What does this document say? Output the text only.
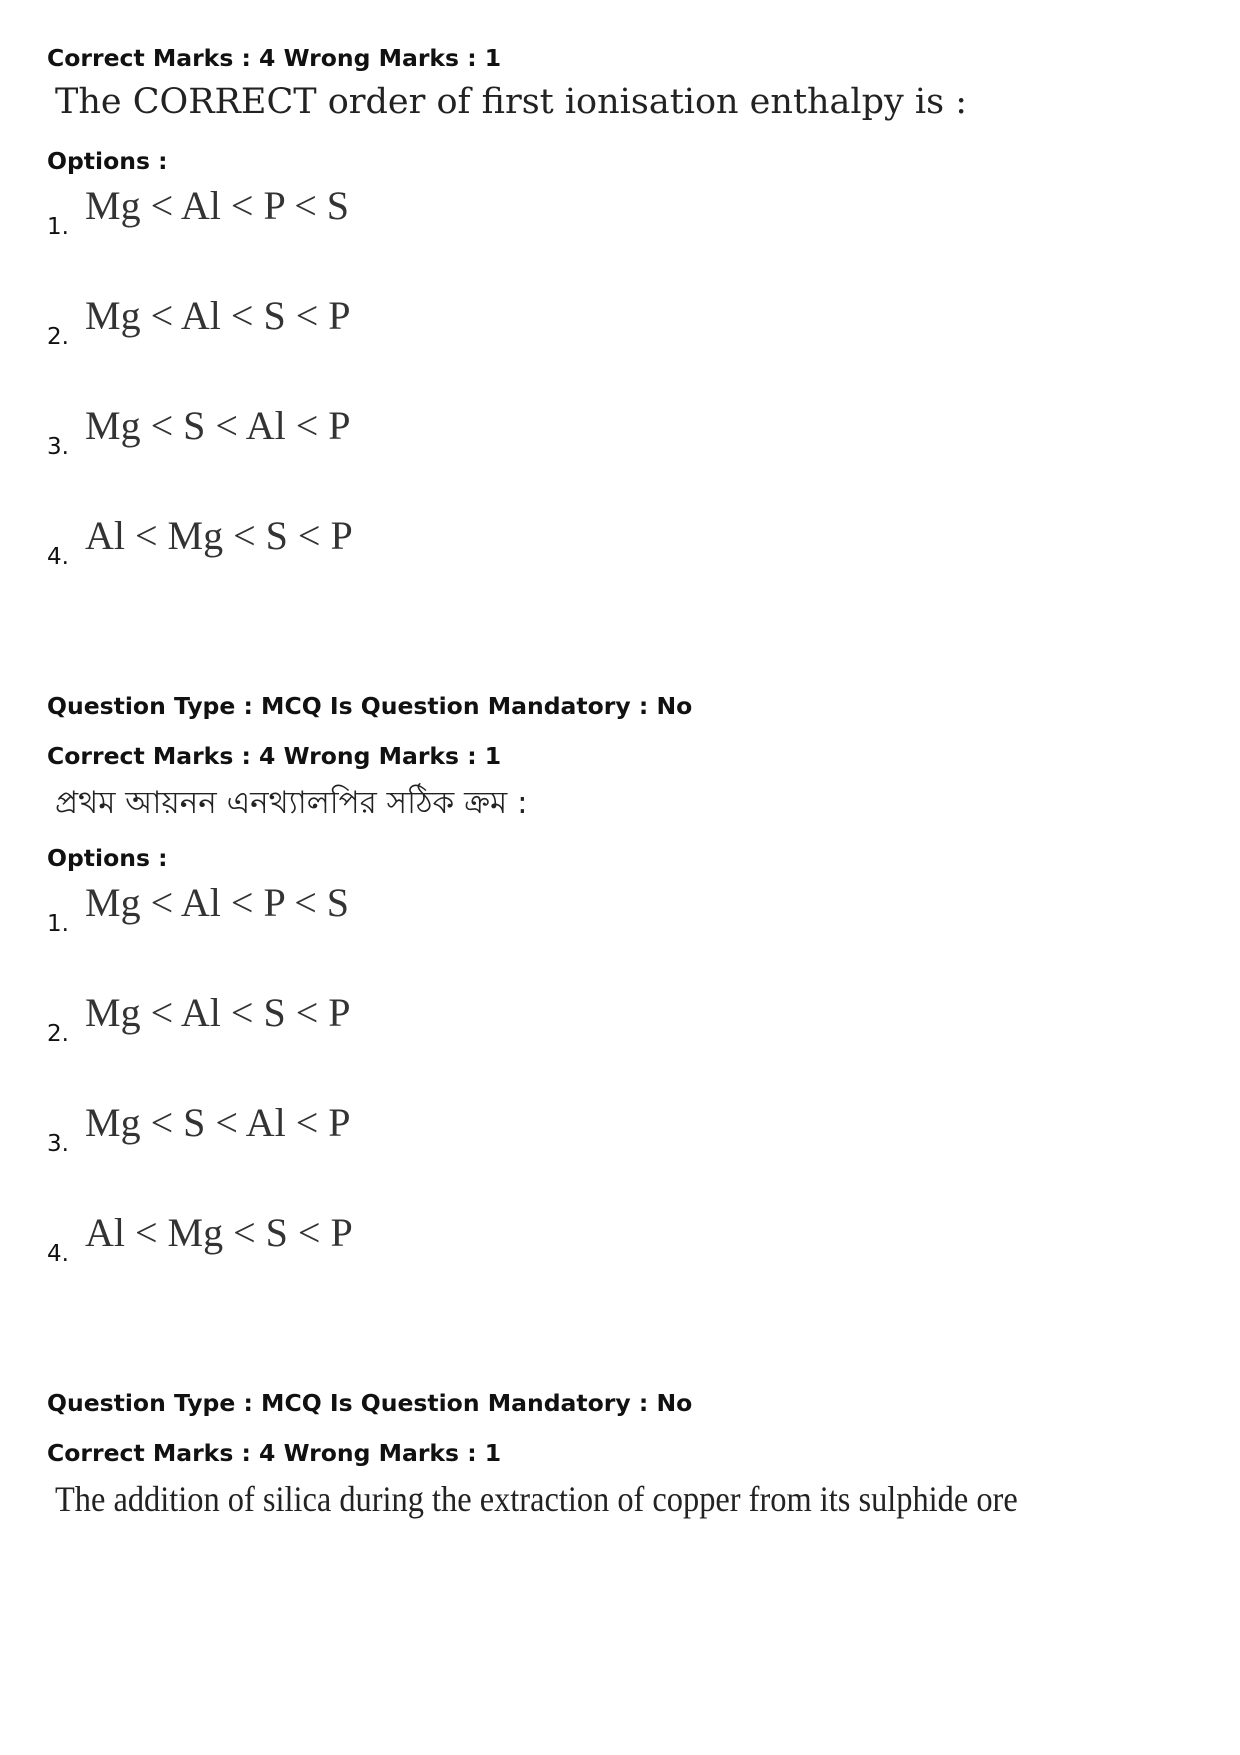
Correct Marks : 4 Wrong Marks : 1
The CORRECT order of first ionisation enthalpy is :
Options :
1. Mg < Al < P < S
2. Mg < Al < S < P
3. Mg < S < Al < P
4. Al < Mg < S < P
Question Type : MCQ Is Question Mandatory : No
Correct Marks : 4 Wrong Marks : 1
প্রথম আয়নন এনথ্যালপির সঠিক ক্রম :
Options :
1. Mg < Al < P < S
2. Mg < Al < S < P
3. Mg < S < Al < P
4. Al < Mg < S < P
Question Type : MCQ Is Question Mandatory : No
Correct Marks : 4 Wrong Marks : 1
The addition of silica during the extraction of copper from its sulphide ore
